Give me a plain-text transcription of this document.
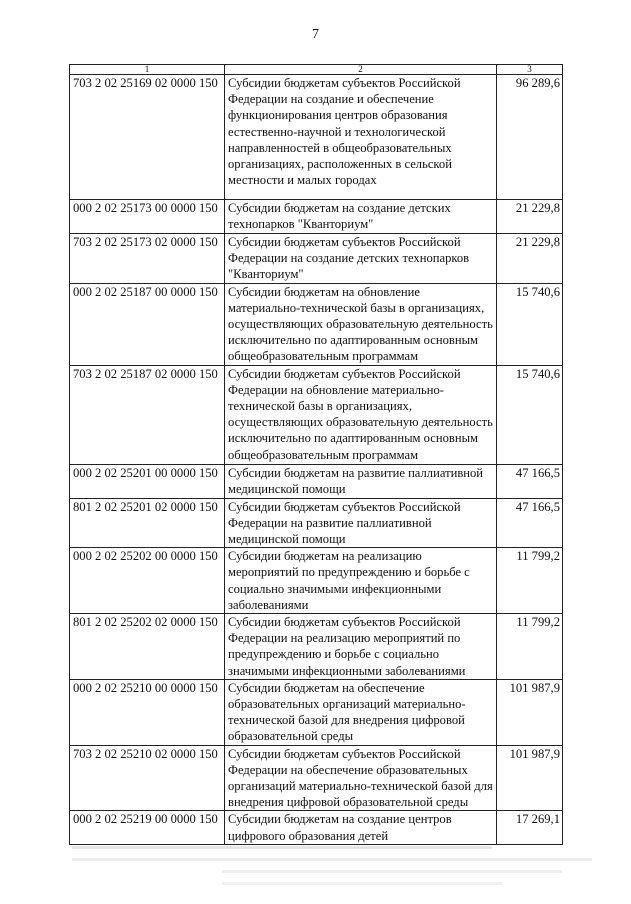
7
1	2	3
703 2 02 25169 02 0000 150	Субсидии бюджетам субъектов Российской Федерации на создание и обеспечение функционирования центров образования естественно-научной и технологической направленностей в общеобразовательных организациях, расположенных в сельской местности и малых городах	96 289,6
000 2 02 25173 00 0000 150	Субсидии бюджетам на создание детских технопарков "Кванториум"	21 229,8
703 2 02 25173 02 0000 150	Субсидии бюджетам субъектов Российской Федерации на создание детских технопарков "Кванториум"	21 229,8
000 2 02 25187 00 0000 150	Субсидии бюджетам на обновление материально-технической базы в организациях, осуществляющих образовательную деятельность исключительно по адаптированным основным общеобразовательным программам	15 740,6
703 2 02 25187 02 0000 150	Субсидии бюджетам субъектов Российской Федерации на обновление материально-технической базы в организациях, осуществляющих образовательную деятельность исключительно по адаптированным основным общеобразовательным программам	15 740,6
000 2 02 25201 00 0000 150	Субсидии бюджетам на развитие паллиативной медицинской помощи	47 166,5
801 2 02 25201 02 0000 150	Субсидии бюджетам субъектов Российской Федерации на развитие паллиативной медицинской помощи	47 166,5
000 2 02 25202 00 0000 150	Субсидии бюджетам на реализацию мероприятий по предупреждению и борьбе с социально значимыми инфекционными заболеваниями	11 799,2
801 2 02 25202 02 0000 150	Субсидии бюджетам субъектов Российской Федерации на реализацию мероприятий по предупреждению и борьбе с социально значимыми инфекционными заболеваниями	11 799,2
000 2 02 25210 00 0000 150	Субсидии бюджетам на обеспечение образовательных организаций материально-технической базой для внедрения цифровой образовательной среды	101 987,9
703 2 02 25210 02 0000 150	Субсидии бюджетам субъектов Российской Федерации на обеспечение образовательных организаций материально-технической базой для внедрения цифровой образовательной среды	101 987,9
000 2 02 25219 00 0000 150	Субсидии бюджетам на создание центров цифрового образования детей	17 269,1
